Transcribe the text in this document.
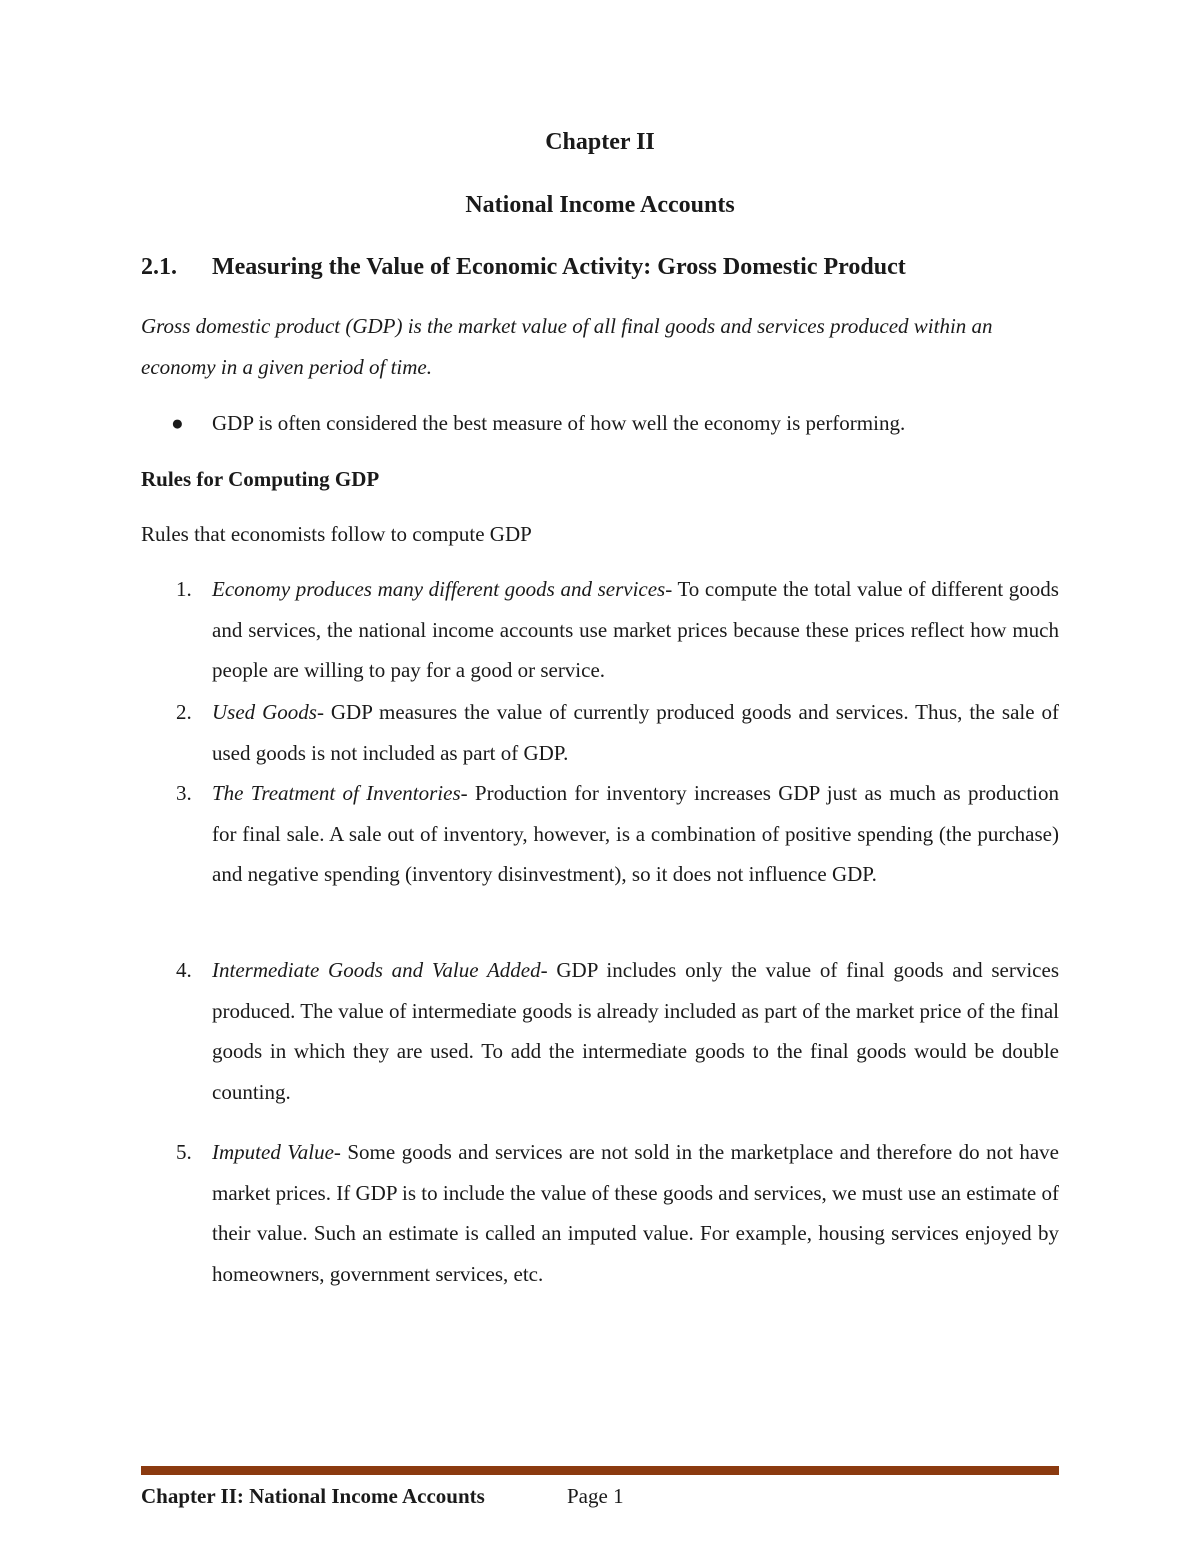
Chapter II
National Income Accounts
2.1. Measuring the Value of Economic Activity: Gross Domestic Product
Gross domestic product (GDP) is the market value of all final goods and services produced within an economy in a given period of time.
● GDP is often considered the best measure of how well the economy is performing.
Rules for Computing GDP
Rules that economists follow to compute GDP
1. Economy produces many different goods and services- To compute the total value of different goods and services, the national income accounts use market prices because these prices reflect how much people are willing to pay for a good or service.
2. Used Goods- GDP measures the value of currently produced goods and services. Thus, the sale of used goods is not included as part of GDP.
3. The Treatment of Inventories- Production for inventory increases GDP just as much as production for final sale. A sale out of inventory, however, is a combination of positive spending (the purchase) and negative spending (inventory disinvestment), so it does not influence GDP.
4. Intermediate Goods and Value Added- GDP includes only the value of final goods and services produced. The value of intermediate goods is already included as part of the market price of the final goods in which they are used. To add the intermediate goods to the final goods would be double counting.
5. Imputed Value- Some goods and services are not sold in the marketplace and therefore do not have market prices. If GDP is to include the value of these goods and services, we must use an estimate of their value. Such an estimate is called an imputed value. For example, housing services enjoyed by homeowners, government services, etc.
Chapter II: National Income Accounts	Page 1
